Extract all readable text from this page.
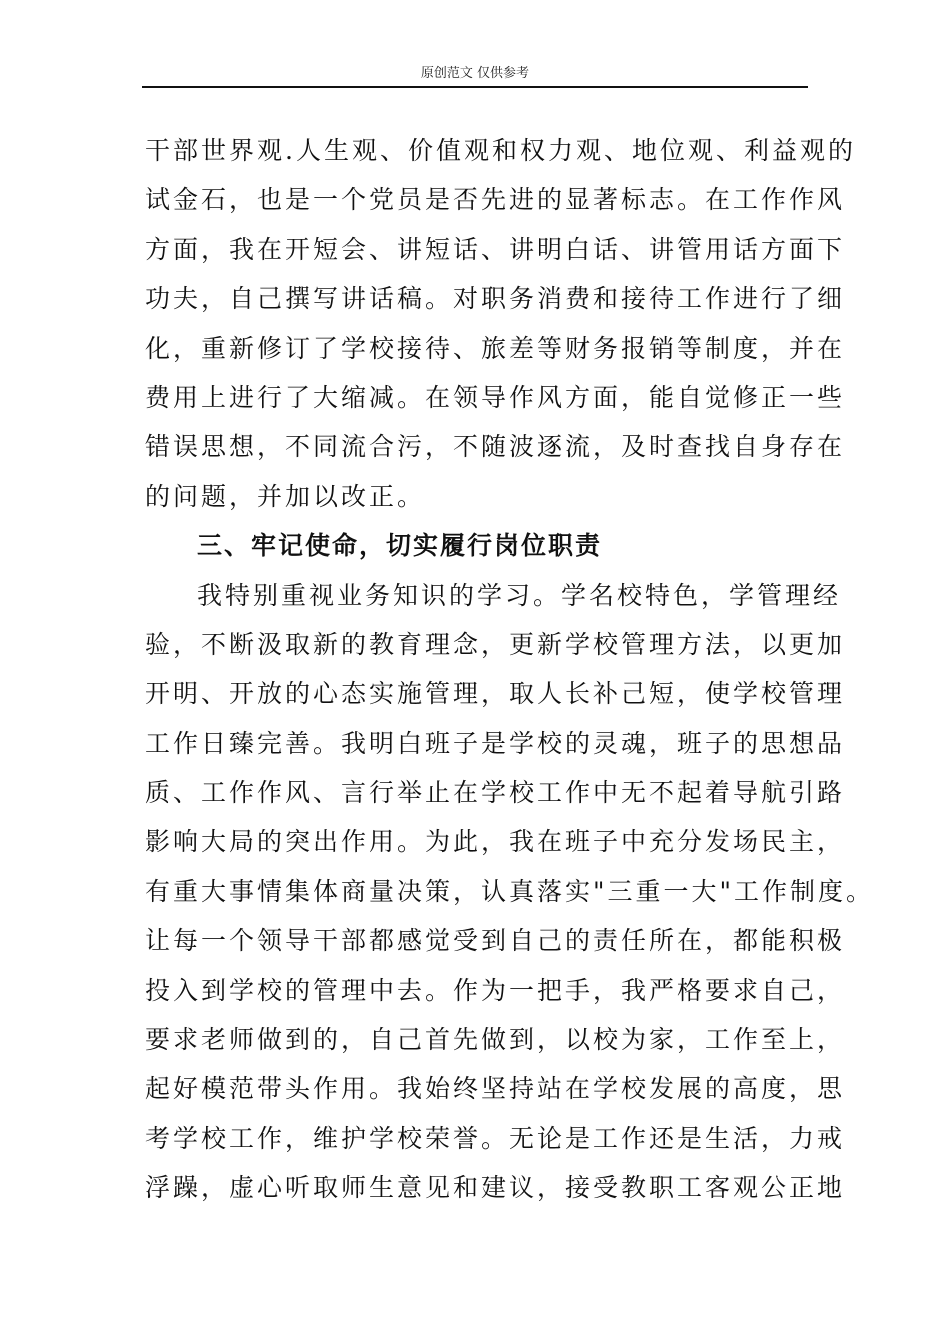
原创范文 仅供参考
干部世界观.人生观、价值观和权力观、地位观、利益观的
试金石，也是一个党员是否先进的显著标志。在工作作风
方面，我在开短会、讲短话、讲明白话、讲管用话方面下
功夫，自己撰写讲话稿。对职务消费和接待工作进行了细
化，重新修订了学校接待、旅差等财务报销等制度，并在
费用上进行了大缩减。在领导作风方面，能自觉修正一些
错误思想，不同流合污，不随波逐流，及时查找自身存在
的问题，并加以改正。
三、牢记使命，切实履行岗位职责
我特别重视业务知识的学习。学名校特色，学管理经
验，不断汲取新的教育理念，更新学校管理方法，以更加
开明、开放的心态实施管理，取人长补己短，使学校管理
工作日臻完善。我明白班子是学校的灵魂，班子的思想品
质、工作作风、言行举止在学校工作中无不起着导航引路
影响大局的突出作用。为此，我在班子中充分发场民主，
有重大事情集体商量决策，认真落实"三重一大"工作制度。
让每一个领导干部都感觉受到自己的责任所在，都能积极
投入到学校的管理中去。作为一把手，我严格要求自己，
要求老师做到的，自己首先做到，以校为家，工作至上，
起好模范带头作用。我始终坚持站在学校发展的高度，思
考学校工作，维护学校荣誉。无论是工作还是生活，力戒
浮躁，虚心听取师生意见和建议，接受教职工客观公正地
